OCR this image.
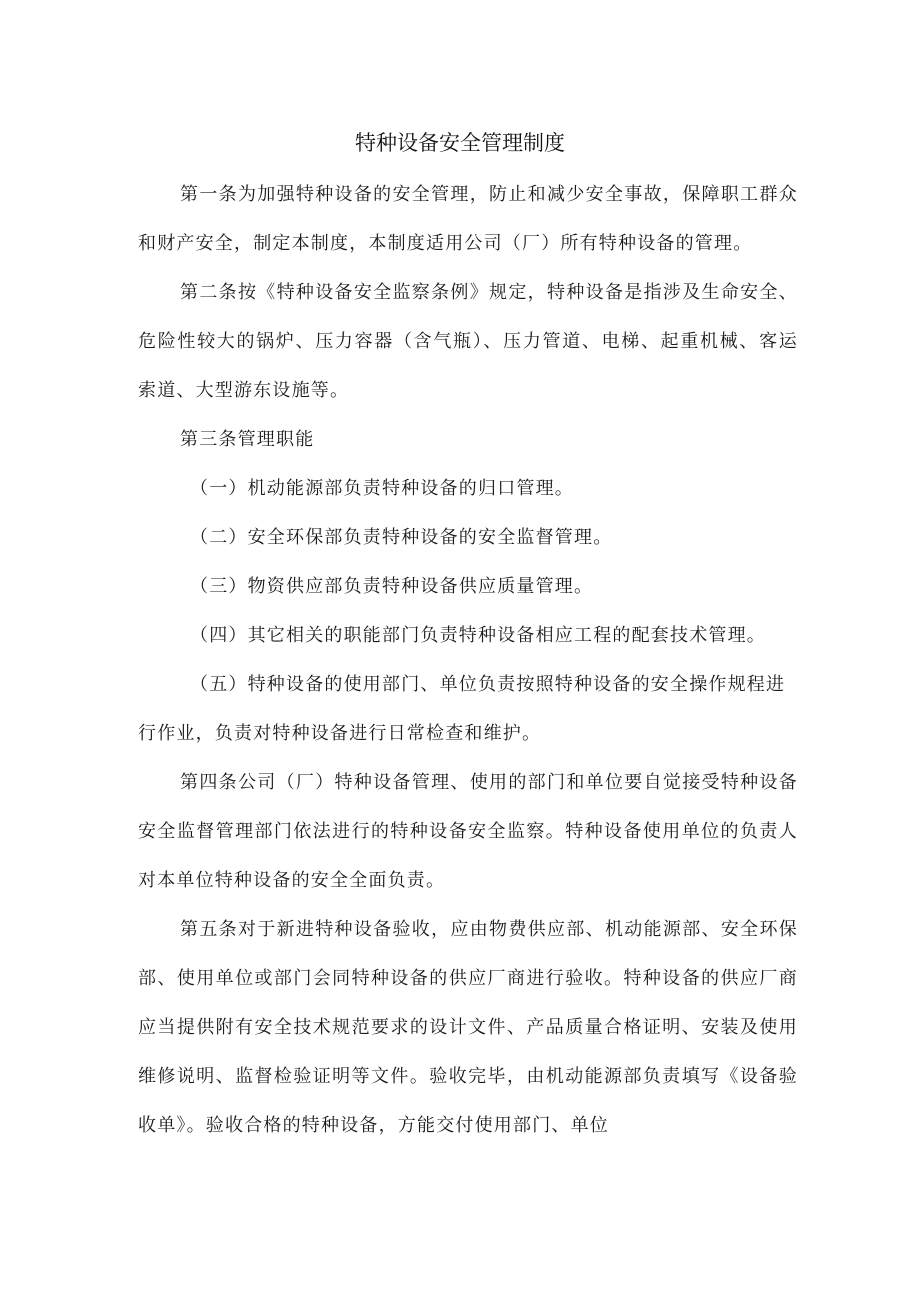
特种设备安全管理制度

第一条为加强特种设备的安全管理，防止和减少安全事故，保障职工群众和财产安全，制定本制度，本制度适用公司（厂）所有特种设备的管理。

第二条按《特种设备安全监察条例》规定，特种设备是指涉及生命安全、危险性较大的锅炉、压力容器（含气瓶）、压力管道、电梯、起重机械、客运索道、大型游东设施等。

第三条管理职能

（一）机动能源部负责特种设备的归口管理。

（二）安全环保部负责特种设备的安全监督管理。

（三）物资供应部负责特种设备供应质量管理。

（四）其它相关的职能部门负责特种设备相应工程的配套技术管理。

（五）特种设备的使用部门、单位负责按照特种设备的安全操作规程进行作业，负责对特种设备进行日常检查和维护。

第四条公司（厂）特种设备管理、使用的部门和单位要自觉接受特种设备安全监督管理部门依法进行的特种设备安全监察。特种设备使用单位的负责人对本单位特种设备的安全全面负责。

第五条对于新进特种设备验收，应由物费供应部、机动能源部、安全环保部、使用单位或部门会同特种设备的供应厂商进行验收。特种设备的供应厂商应当提供附有安全技术规范要求的设计文件、产品质量合格证明、安装及使用维修说明、监督检验证明等文件。验收完毕，由机动能源部负责填写《设备验收单》。验收合格的特种设备，方能交付使用部门、单位
